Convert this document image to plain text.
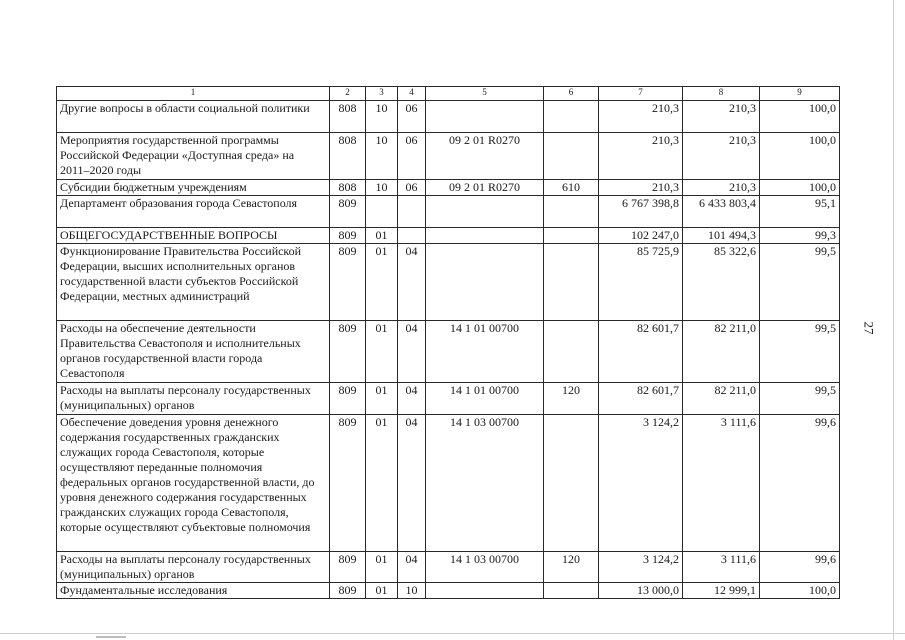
27
1	2	3	4	5	6	7	8	9
Другие вопросы в области социальной политики	808	10	06			210,3	210,3	100,0
Мероприятия государственной программы Российской Федерации «Доступная среда» на 2011–2020 годы	808	10	06	09 2 01 R0270		210,3	210,3	100,0
Субсидии бюджетным учреждениям	808	10	06	09 2 01 R0270	610	210,3	210,3	100,0
Департамент образования города Севастополя	809					6 767 398,8	6 433 803,4	95,1
ОБЩЕГОСУДАРСТВЕННЫЕ ВОПРОСЫ	809	01				102 247,0	101 494,3	99,3
Функционирование Правительства Российской Федерации, высших исполнительных органов государственной власти субъектов Российской Федерации, местных администраций	809	01	04			85 725,9	85 322,6	99,5
Расходы на обеспечение деятельности Правительства Севастополя и исполнительных органов государственной власти города Севастополя	809	01	04	14 1 01 00700		82 601,7	82 211,0	99,5
Расходы на выплаты персоналу государственных (муниципальных) органов	809	01	04	14 1 01 00700	120	82 601,7	82 211,0	99,5
Обеспечение доведения уровня денежного содержания государственных гражданских служащих города Севастополя, которые осуществляют переданные полномочия федеральных органов государственной власти, до уровня денежного содержания государственных гражданских служащих города Севастополя, которые осуществляют субъектовые полномочия	809	01	04	14 1 03 00700		3 124,2	3 111,6	99,6
Расходы на выплаты персоналу государственных (муниципальных) органов	809	01	04	14 1 03 00700	120	3 124,2	3 111,6	99,6
Фундаментальные исследования	809	01	10			13 000,0	12 999,1	100,0
